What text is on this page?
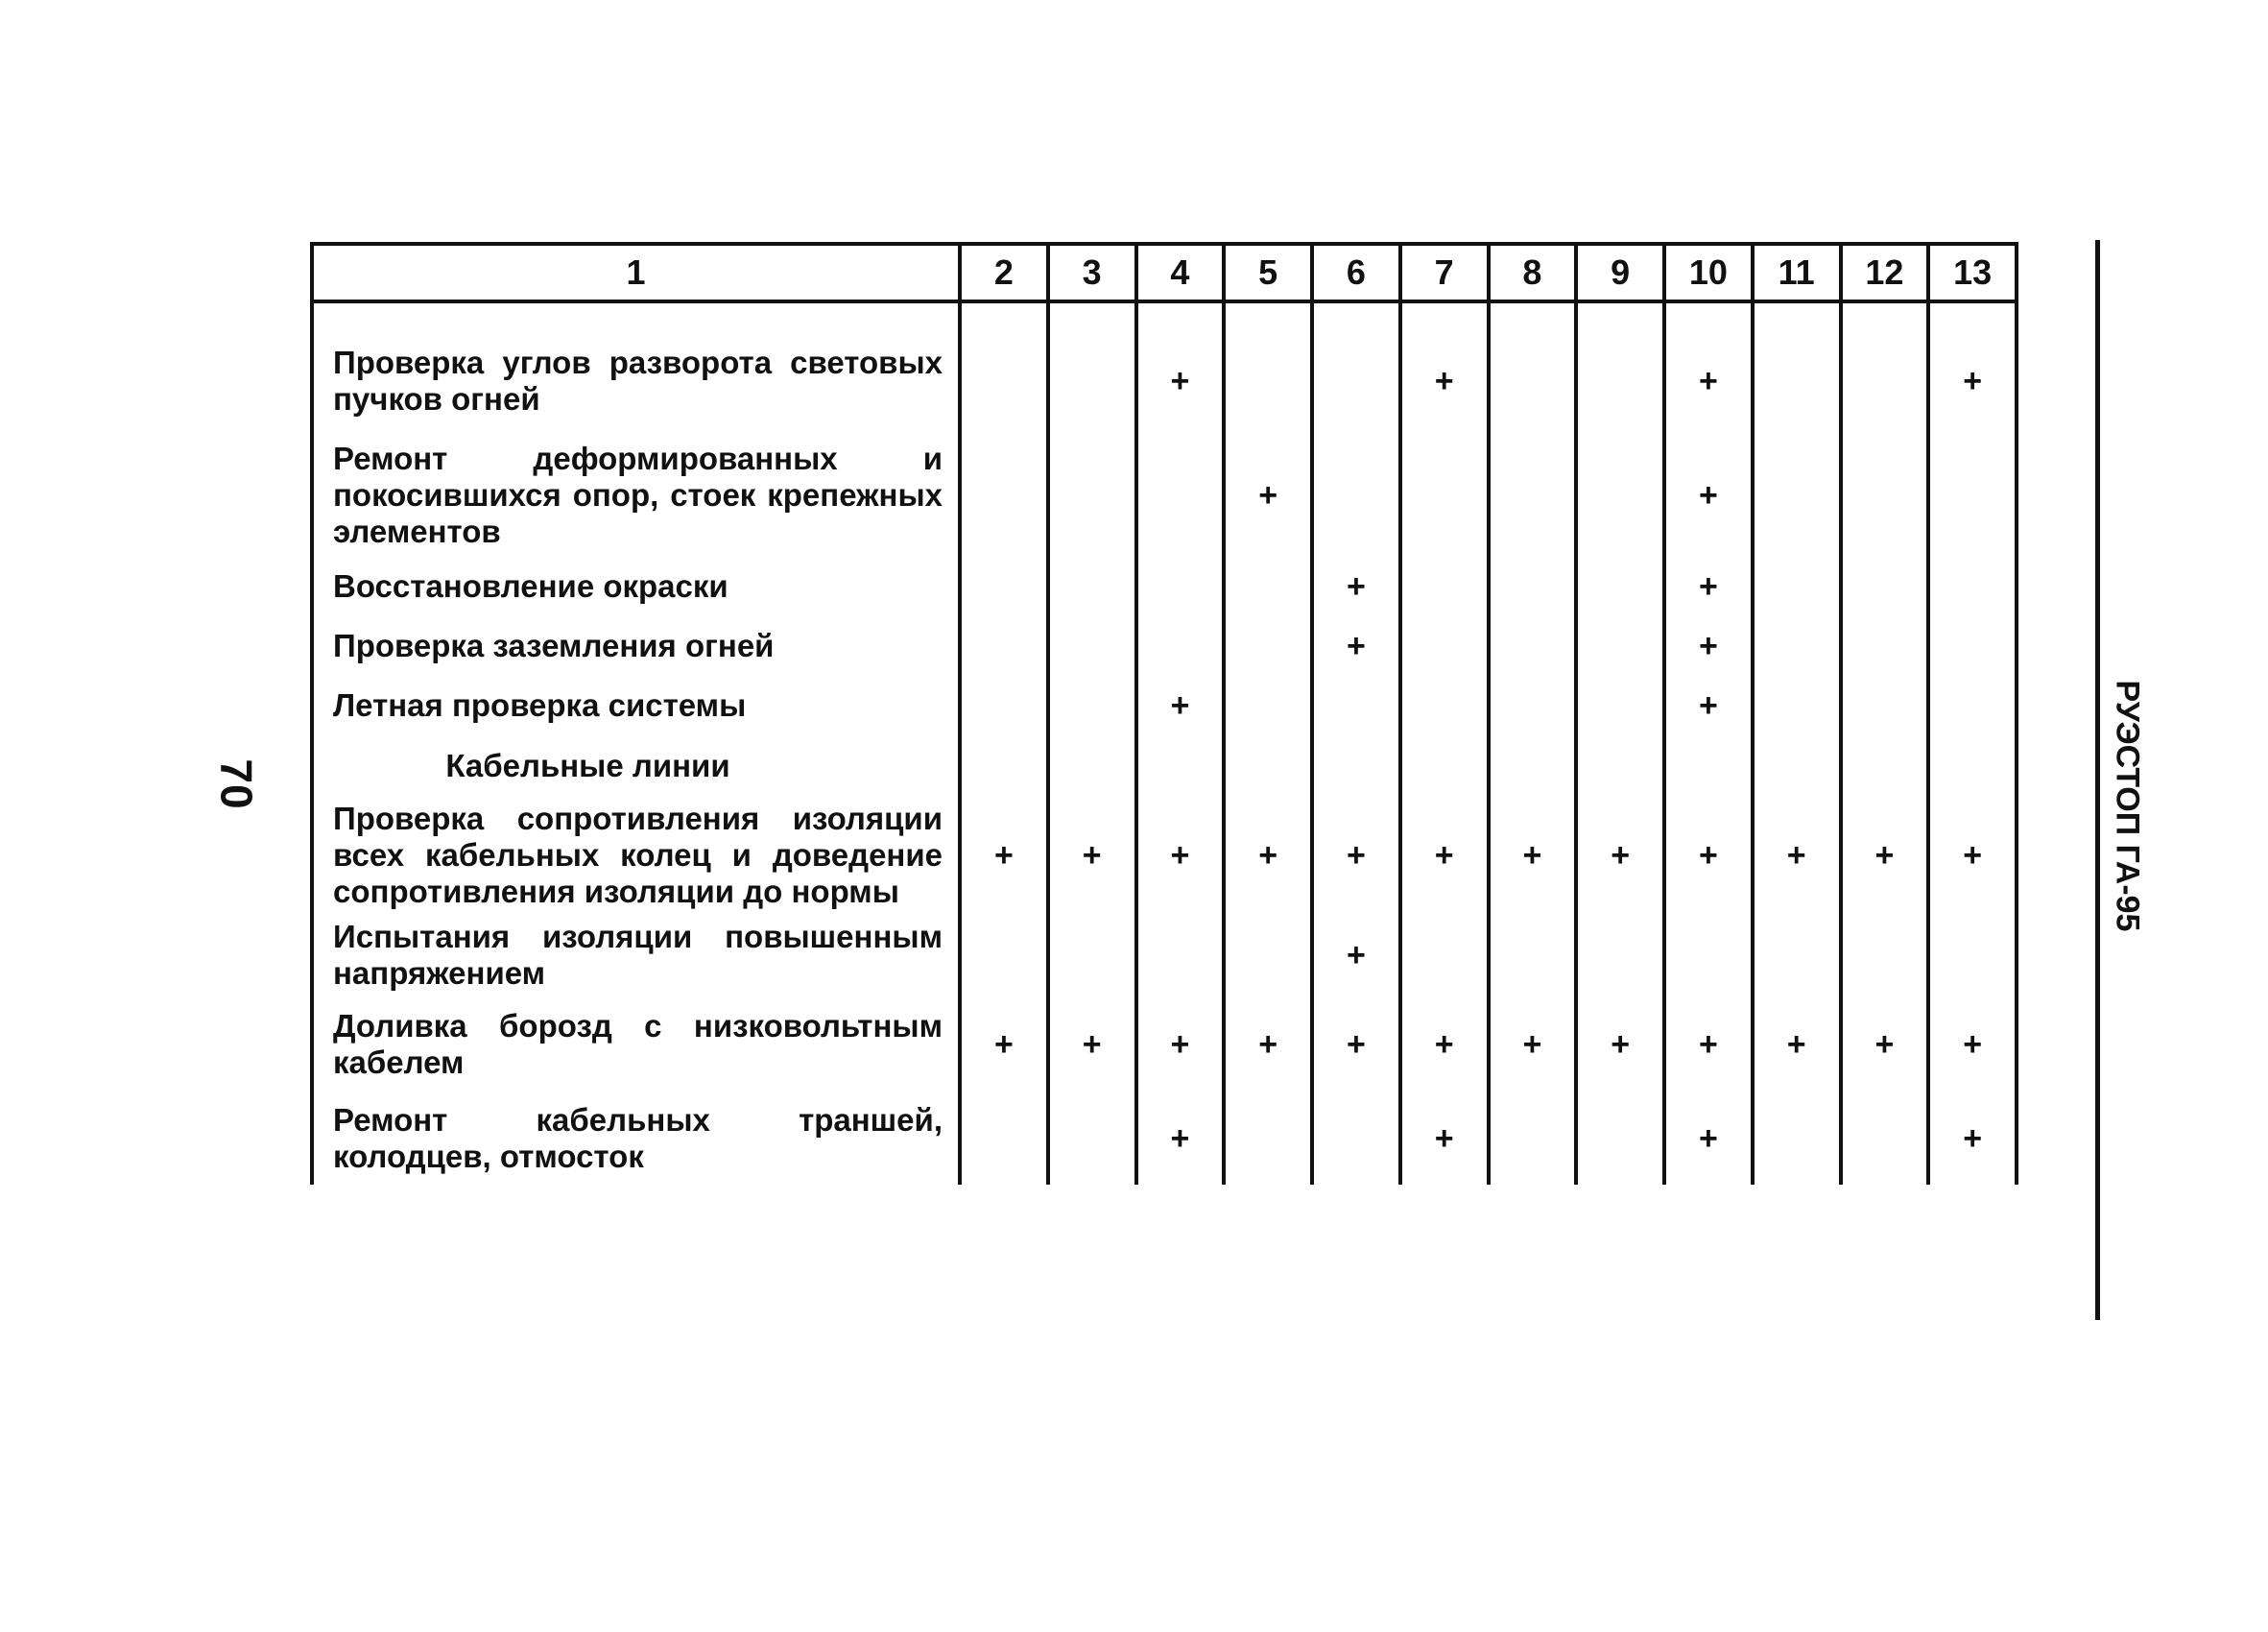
70	РУЭСТОП ГА-95
1	2	3	4	5	6	7	8	9	10	11	12	13

Проверка углов разворота световых пучков огней			+			+			+			+
Ремонт деформированных и покосившихся опор, стоек крепежных элементов				+					+			
Восстановление окраски					+				+			
Проверка заземления огней					+				+			
Летная проверка системы			+						+			
Кабельные линии												
Проверка сопротивления изоляции всех кабельных колец и доведение сопротивления изоляции до нормы	+	+	+	+	+	+	+	+	+	+	+	+
Испытания изоляции повышенным напряжением					+							
Доливка борозд с низковольтным кабелем	+	+	+	+	+	+	+	+	+	+	+	+
Ремонт кабельных траншей, колодцев, отмосток			+			+			+			+
